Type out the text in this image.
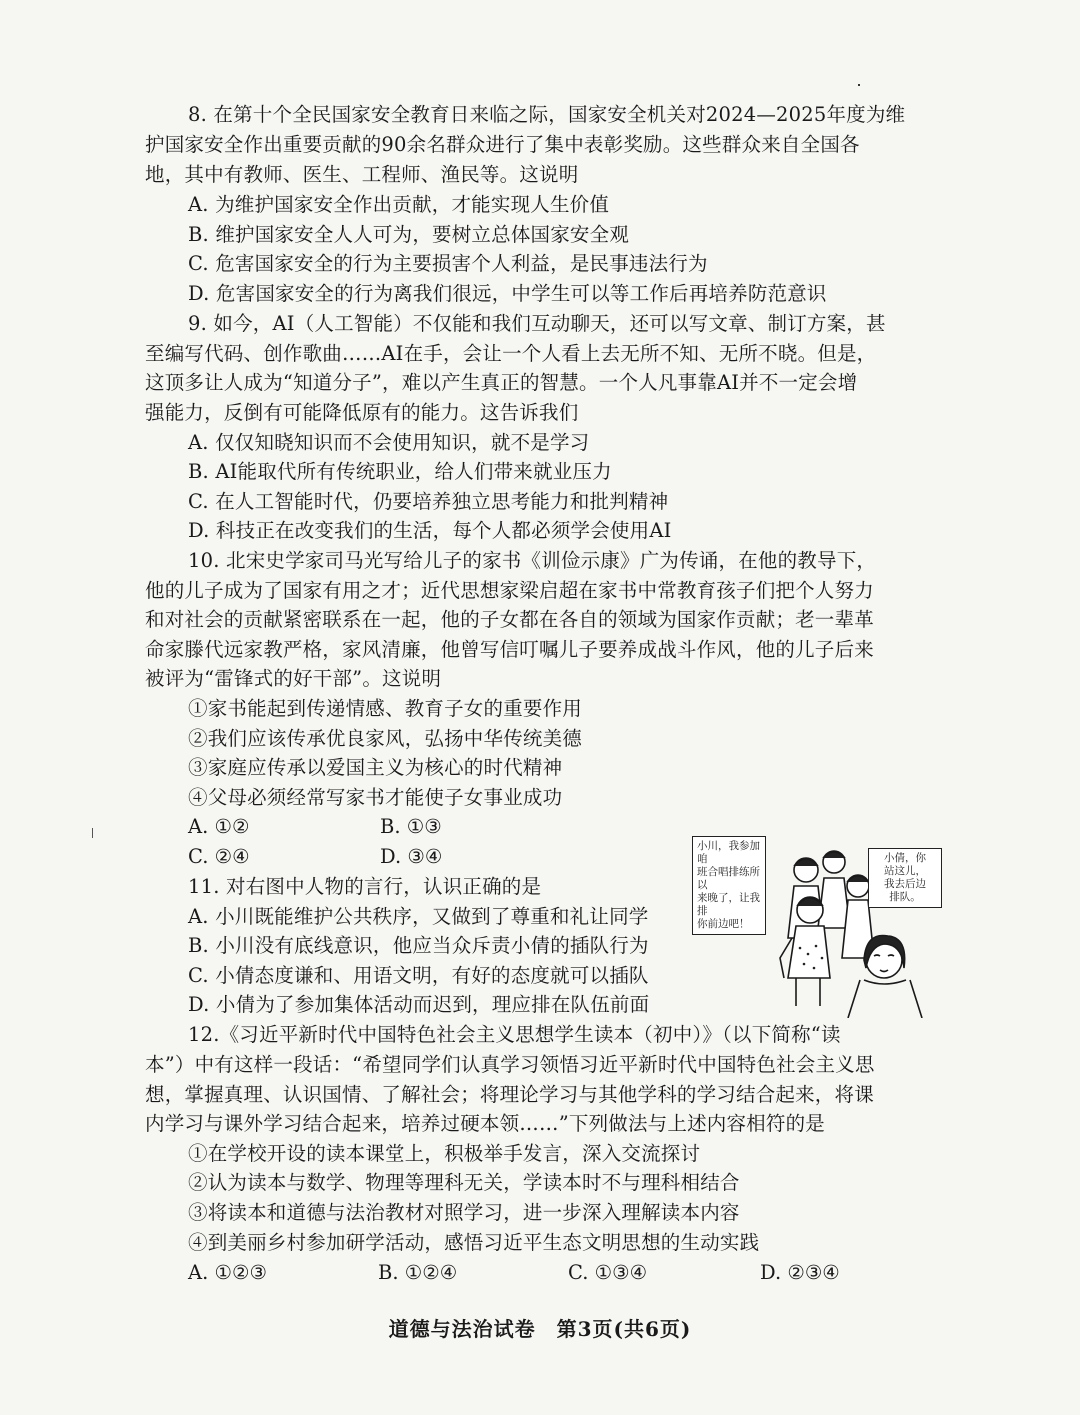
8. 在第十个全民国家安全教育日来临之际，国家安全机关对2024—2025年度为维
护国家安全作出重要贡献的90余名群众进行了集中表彰奖励。这些群众来自全国各
地，其中有教师、医生、工程师、渔民等。这说明
A. 为维护国家安全作出贡献，才能实现人生价值
B. 维护国家安全人人可为，要树立总体国家安全观
C. 危害国家安全的行为主要损害个人利益，是民事违法行为
D. 危害国家安全的行为离我们很远，中学生可以等工作后再培养防范意识
9. 如今，AI（人工智能）不仅能和我们互动聊天，还可以写文章、制订方案，甚
至编写代码、创作歌曲……AI在手，会让一个人看上去无所不知、无所不晓。但是，
这顶多让人成为“知道分子”，难以产生真正的智慧。一个人凡事靠AI并不一定会增
强能力，反倒有可能降低原有的能力。这告诉我们
A. 仅仅知晓知识而不会使用知识，就不是学习
B. AI能取代所有传统职业，给人们带来就业压力
C. 在人工智能时代，仍要培养独立思考能力和批判精神
D. 科技正在改变我们的生活，每个人都必须学会使用AI
10. 北宋史学家司马光写给儿子的家书《训俭示康》广为传诵，在他的教导下，
他的儿子成为了国家有用之才；近代思想家梁启超在家书中常教育孩子们把个人努力
和对社会的贡献紧密联系在一起，他的子女都在各自的领域为国家作贡献；老一辈革
命家滕代远家教严格，家风清廉，他曾写信叮嘱儿子要养成战斗作风，他的儿子后来
被评为“雷锋式的好干部”。这说明
①家书能起到传递情感、教育子女的重要作用
②我们应该传承优良家风，弘扬中华传统美德
③家庭应传承以爱国主义为核心的时代精神
④父母必须经常写家书才能使子女事业成功
A. ①②	B. ①③
C. ②④	D. ③④
11. 对右图中人物的言行，认识正确的是
A. 小川既能维护公共秩序，又做到了尊重和礼让同学
B. 小川没有底线意识，他应当众斥责小倩的插队行为
C. 小倩态度谦和、用语文明，有好的态度就可以插队
D. 小倩为了参加集体活动而迟到，理应排在队伍前面
小川，我参加咱
班合唱排练所以
来晚了，让我排
你前边吧！
小倩，你
站这儿，
我去后边
排队。
12.《习近平新时代中国特色社会主义思想学生读本（初中）》（以下简称“读
本”）中有这样一段话：“希望同学们认真学习领悟习近平新时代中国特色社会主义思
想，掌握真理、认识国情、了解社会；将理论学习与其他学科的学习结合起来，将课
内学习与课外学习结合起来，培养过硬本领……”下列做法与上述内容相符的是
①在学校开设的读本课堂上，积极举手发言，深入交流探讨
②认为读本与数学、物理等理科无关，学读本时不与理科相结合
③将读本和道德与法治教材对照学习，进一步深入理解读本内容
④到美丽乡村参加研学活动，感悟习近平生态文明思想的生动实践
A. ①②③	B. ①②④	C. ①③④	D. ②③④
道德与法治试卷　第3页(共6页)
